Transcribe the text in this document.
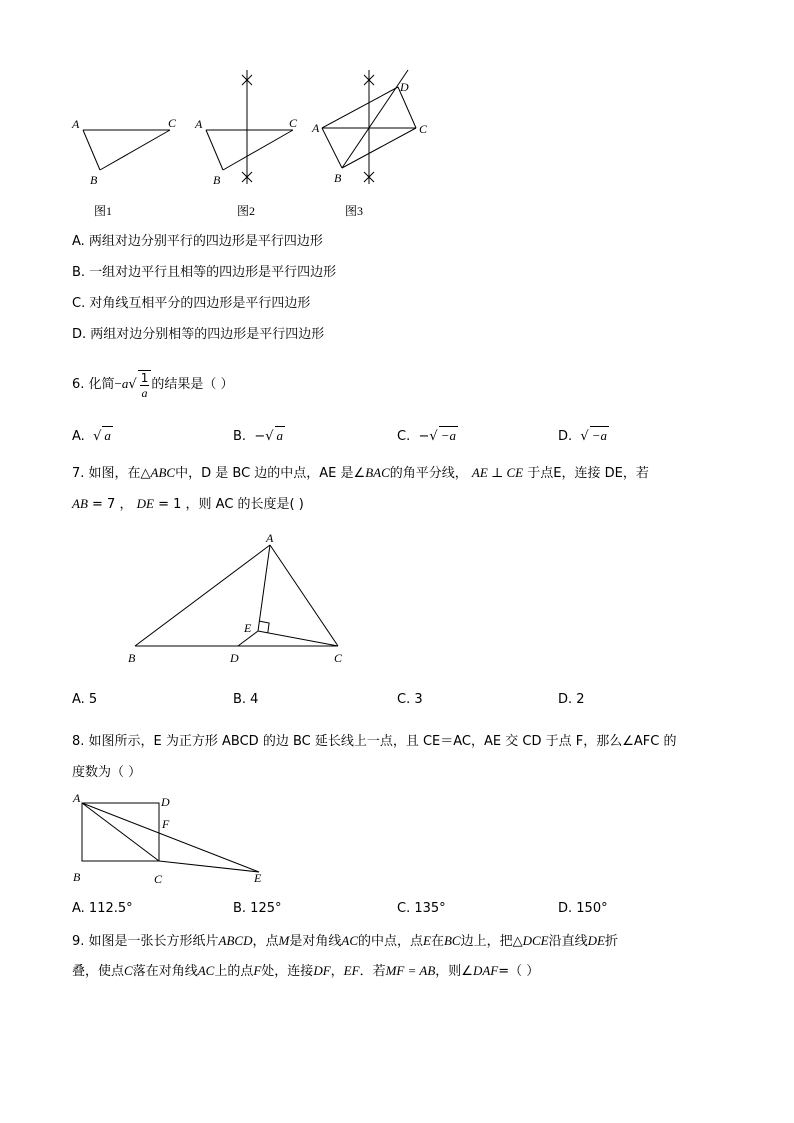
A
B
C
图1
A
B
C
图2
A
B
C
D
图3
A. 两组对边分别平行的四边形是平行四边形
B. 一组对边平行且相等的四边形是平行四边形
C. 对角线互相平分的四边形是平行四边形
D. 两组对边分别相等的四边形是平行四边形
6. 化简$-a√ \frac{1}{a}$ 的结果是（ ）
A. √ a	B. −√ a	C. −√ −a	D. √ −a
7. 如图，在△ABC中，D 是 BC 边的中点，AE 是∠BAC的角平分线， AE ⊥ CE 于点E，连接 DE，若
AB = 7 ， DE = 1 ，则 AC 的长度是( )
A
B	C
D
E
A. 5	B. 4	C. 3	D. 2
8. 如图所示，E 为正方形 ABCD 的边 BC 延长线上一点，且 CE＝AC，AE 交 CD 于点 F，那么∠AFC 的
度数为（ ）
A
B	C
D
E
F
A. 112.5°	B. 125°	C. 135°	D. 150°
9. 如图是一张长方形纸片ABCD，点M是对角线AC的中点，点E在BC边上，把△DCE沿直线DE折
叠，使点C落在对角线AC上的点F处，连接DF，EF．若MF = AB，则∠DAF=（ ）
